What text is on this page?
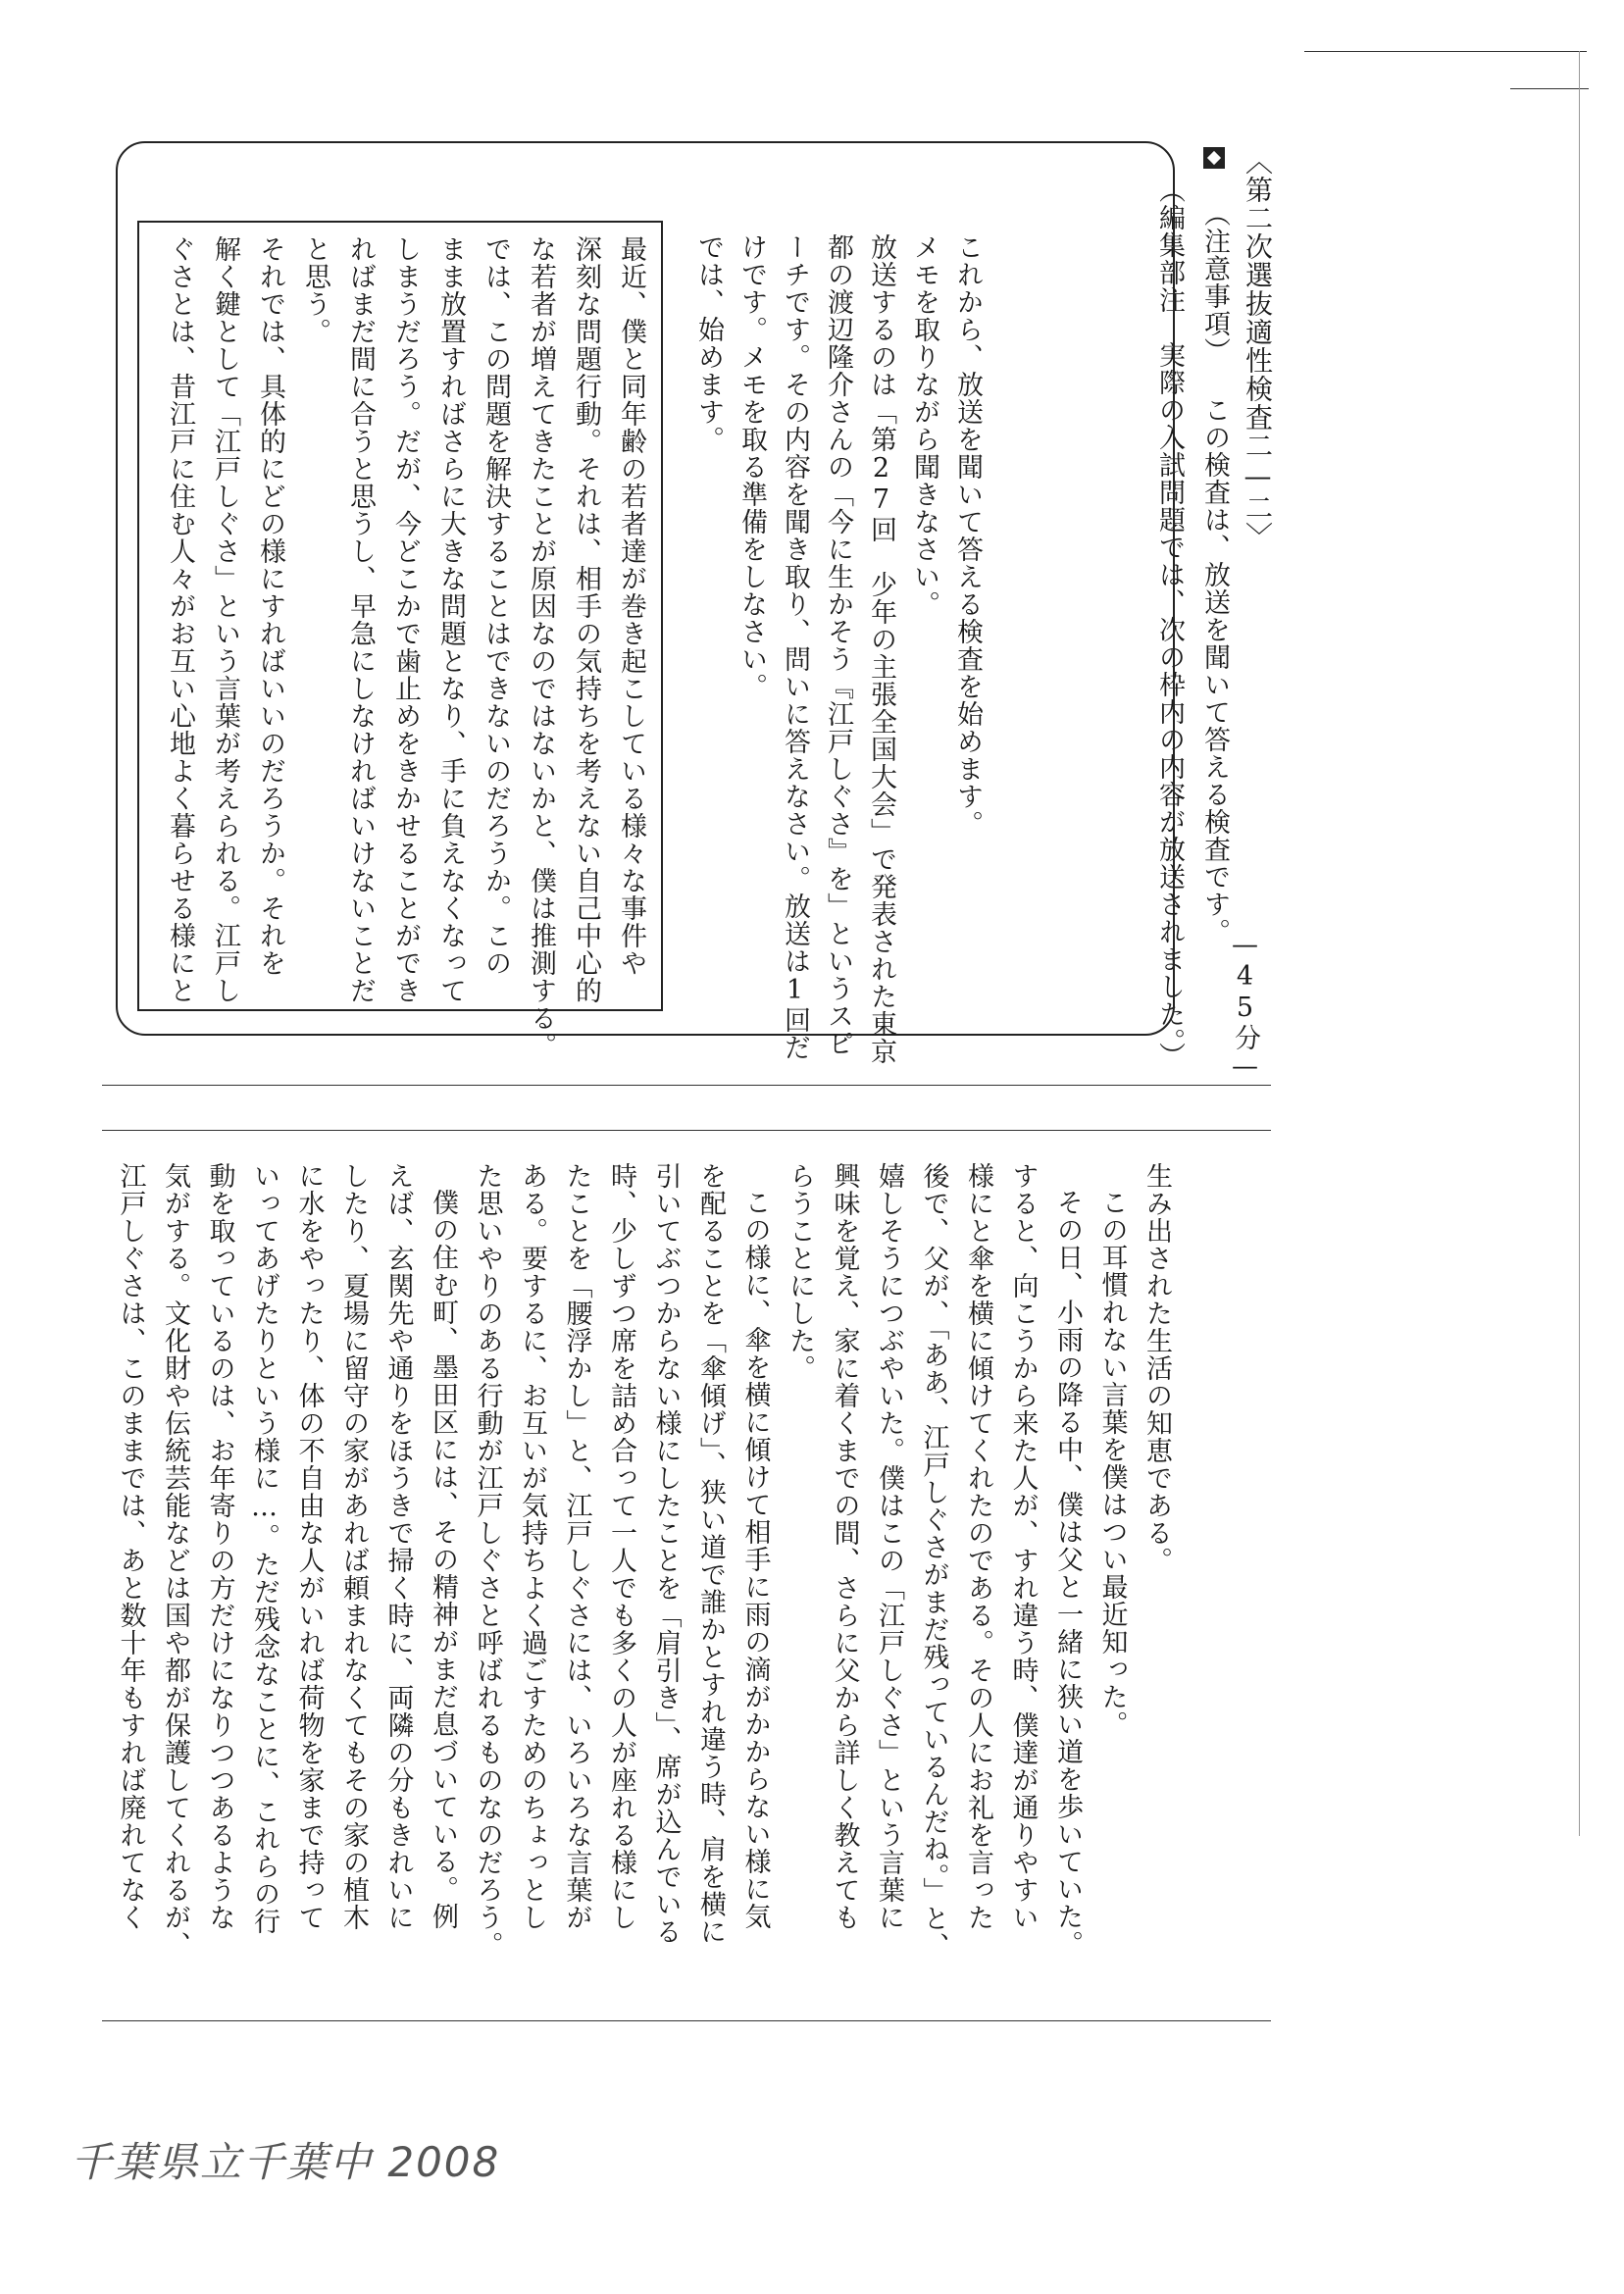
〈第二次選抜適性検査二—二〉
（注意事項） この検査は、放送を聞いて答える検査です。
（編集部注　実際の入試問題では、次の枠内の内容が放送されました。） —45分—
これから、放送を聞いて答える検査を始めます。
メモを取りながら聞きなさい。
放送するのは「第27回　少年の主張全国大会」で発表された東京
都の渡辺隆介さんの「今に生かそう『江戸しぐさ』を」というスピ
ーチです。その内容を聞き取り、問いに答えなさい。放送は1回だ
けです。メモを取る準備をしなさい。
では、始めます。
最近、僕と同年齢の若者達が巻き起こしている様々な事件や
深刻な問題行動。それは、相手の気持ちを考えない自己中心的
な若者が増えてきたことが原因なのではないかと、僕は推測する。
では、この問題を解決することはできないのだろうか。この
まま放置すればさらに大きな問題となり、手に負えなくなって
しまうだろう。だが、今どこかで歯止めをきかせることができ
ればまだ間に合うと思うし、早急にしなければいけないことだ
と思う。
それでは、具体的にどの様にすればいいのだろうか。それを
解く鍵として「江戸しぐさ」という言葉が考えられる。江戸し
ぐさとは、昔江戸に住む人々がお互い心地よく暮らせる様にと
生み出された生活の知恵である。
この耳慣れない言葉を僕はつい最近知った。
その日、小雨の降る中、僕は父と一緒に狭い道を歩いていた。
すると、向こうから来た人が、すれ違う時、僕達が通りやすい
様にと傘を横に傾けてくれたのである。その人にお礼を言った
後で、父が、「ああ、江戸しぐさがまだ残っているんだね。」と、
嬉しそうにつぶやいた。僕はこの「江戸しぐさ」という言葉に
興味を覚え、家に着くまでの間、さらに父から詳しく教えても
らうことにした。
この様に、傘を横に傾けて相手に雨の滴がかからない様に気
を配ることを「傘傾げ」、狭い道で誰かとすれ違う時、肩を横に
引いてぶつからない様にしたことを「肩引き」、席が込んでいる
時、少しずつ席を詰め合って一人でも多くの人が座れる様にし
たことを「腰浮かし」と、江戸しぐさには、いろいろな言葉が
ある。要するに、お互いが気持ちよく過ごすためのちょっとし
た思いやりのある行動が江戸しぐさと呼ばれるものなのだろう。
僕の住む町、墨田区には、その精神がまだ息づいている。例
えば、玄関先や通りをほうきで掃く時に、両隣の分もきれいに
したり、夏場に留守の家があれば頼まれなくてもその家の植木
に水をやったり、体の不自由な人がいれば荷物を家まで持って
いってあげたりという様に…。ただ残念なことに、これらの行
動を取っているのは、お年寄りの方だけになりつつあるような
気がする。文化財や伝統芸能などは国や都が保護してくれるが、
江戸しぐさは、このままでは、あと数十年もすれば廃れてなく
千葉県立千葉中 2008
